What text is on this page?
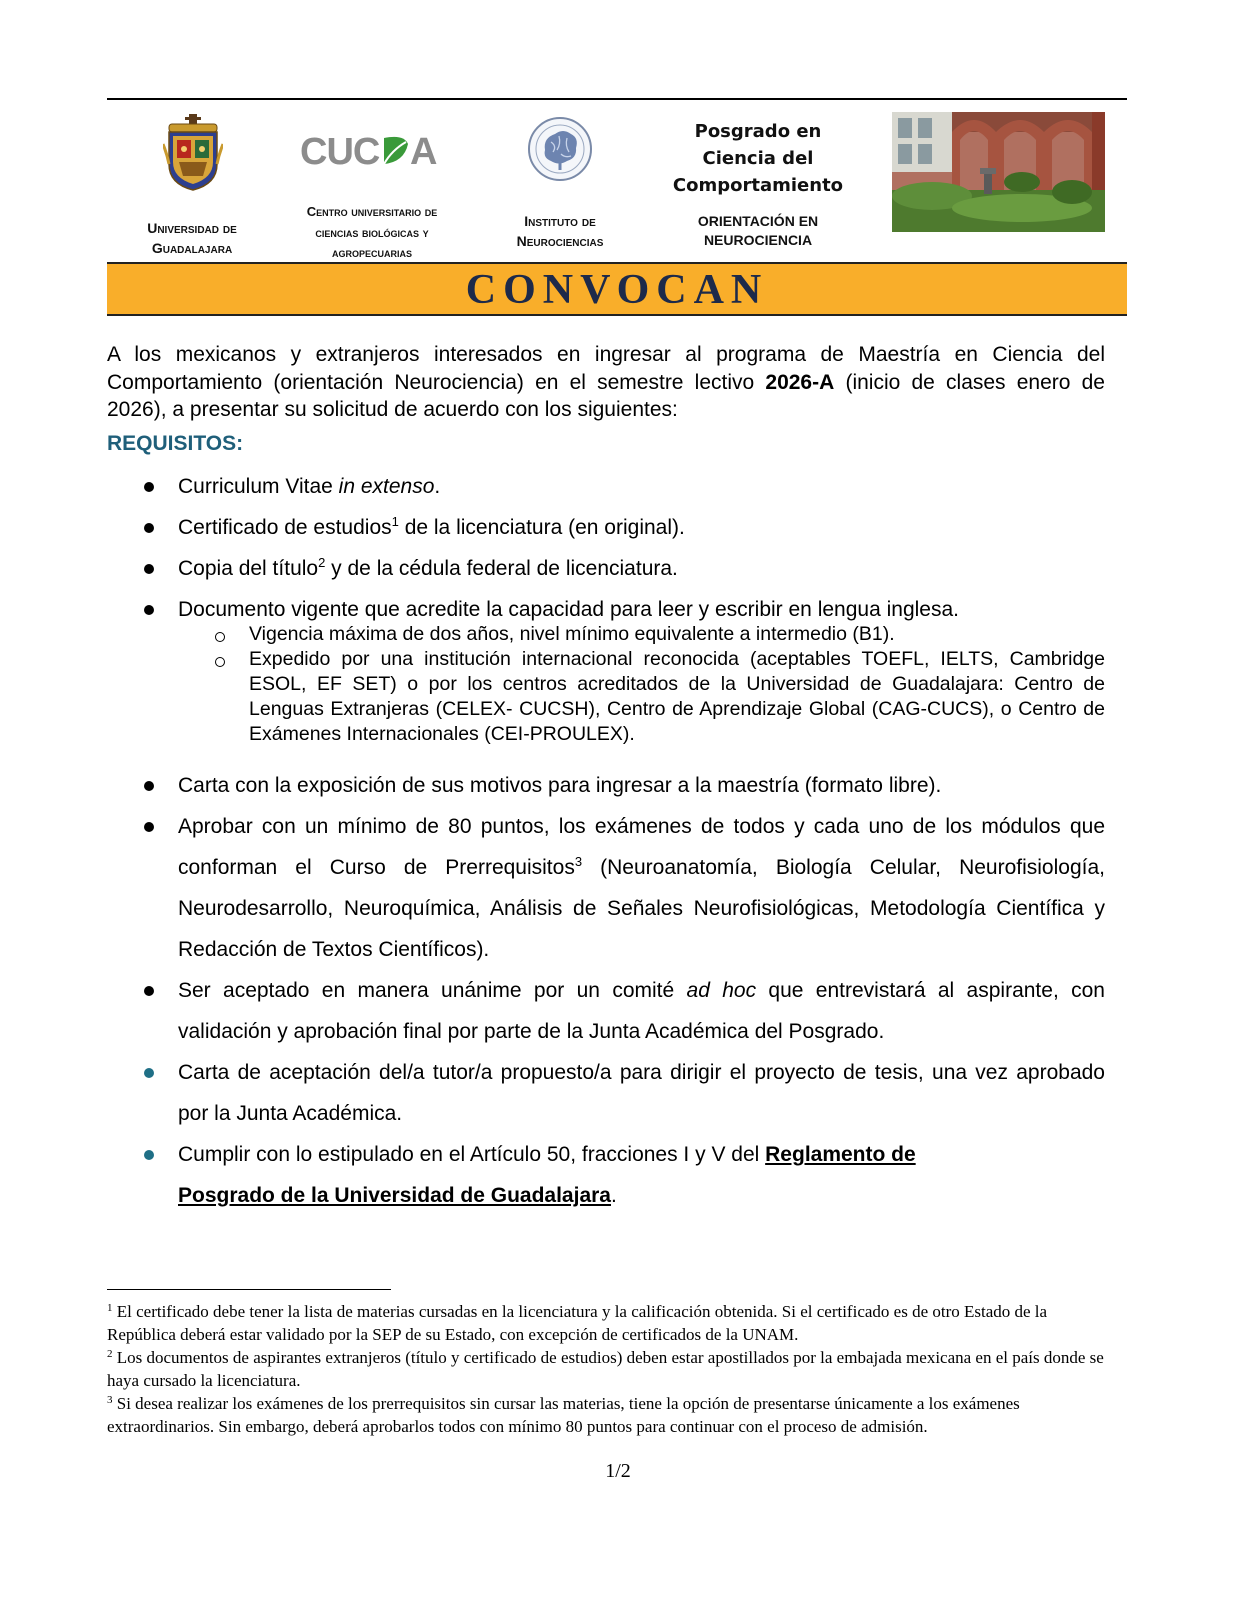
Universidad de
Guadalajara
CUC A
Centro universitario de
ciencias biológicas y
agropecuarias
Instituto de
Neurociencias
Posgrado en
Ciencia del
Comportamiento
ORIENTACIÓN EN
NEUROCIENCIA
CONVOCAN
A los mexicanos y extranjeros interesados en ingresar al programa de Maestría en Ciencia del Comportamiento (orientación Neurociencia) en el semestre lectivo 2026-A (inicio de clases enero de 2026), a presentar su solicitud de acuerdo con los siguientes:
REQUISITOS:
Curriculum Vitae in extenso.
Certificado de estudios$^1$ de la licenciatura (en original).
Copia del título$^2$ y de la cédula federal de licenciatura.
Documento vigente que acredite la capacidad para leer y escribir en lengua inglesa.
Vigencia máxima de dos años, nivel mínimo equivalente a intermedio (B1).
Expedido por una institución internacional reconocida (aceptables TOEFL, IELTS, Cambridge ESOL, EF SET) o por los centros acreditados de la Universidad de Guadalajara: Centro de Lenguas Extranjeras (CELEX- CUCSH), Centro de Aprendizaje Global (CAG-CUCS), o Centro de Exámenes Internacionales (CEI-PROULEX).
Carta con la exposición de sus motivos para ingresar a la maestría (formato libre).
Aprobar con un mínimo de 80 puntos, los exámenes de todos y cada uno de los módulos que conforman el Curso de Prerrequisitos$^3$ (Neuroanatomía, Biología Celular, Neurofisiología, Neurodesarrollo, Neuroquímica, Análisis de Señales Neurofisiológicas, Metodología Científica y Redacción de Textos Científicos).
Ser aceptado en manera unánime por un comité ad hoc que entrevistará al aspirante, con validación y aprobación final por parte de la Junta Académica del Posgrado.
Carta de aceptación del/a tutor/a propuesto/a para dirigir el proyecto de tesis, una vez aprobado por la Junta Académica.
Cumplir con lo estipulado en el Artículo 50, fracciones I y V del Reglamento de
Posgrado de la Universidad de Guadalajara.
$^1$ El certificado debe tener la lista de materias cursadas en la licenciatura y la calificación obtenida. Si el certificado es de otro Estado de la República deberá estar validado por la SEP de su Estado, con excepción de certificados de la UNAM.
$^2$ Los documentos de aspirantes extranjeros (título y certificado de estudios) deben estar apostillados por la embajada mexicana en el país donde se haya cursado la licenciatura.
$^3$ Si desea realizar los exámenes de los prerrequisitos sin cursar las materias, tiene la opción de presentarse únicamente a los exámenes extraordinarios. Sin embargo, deberá aprobarlos todos con mínimo 80 puntos para continuar con el proceso de admisión.
1/2
